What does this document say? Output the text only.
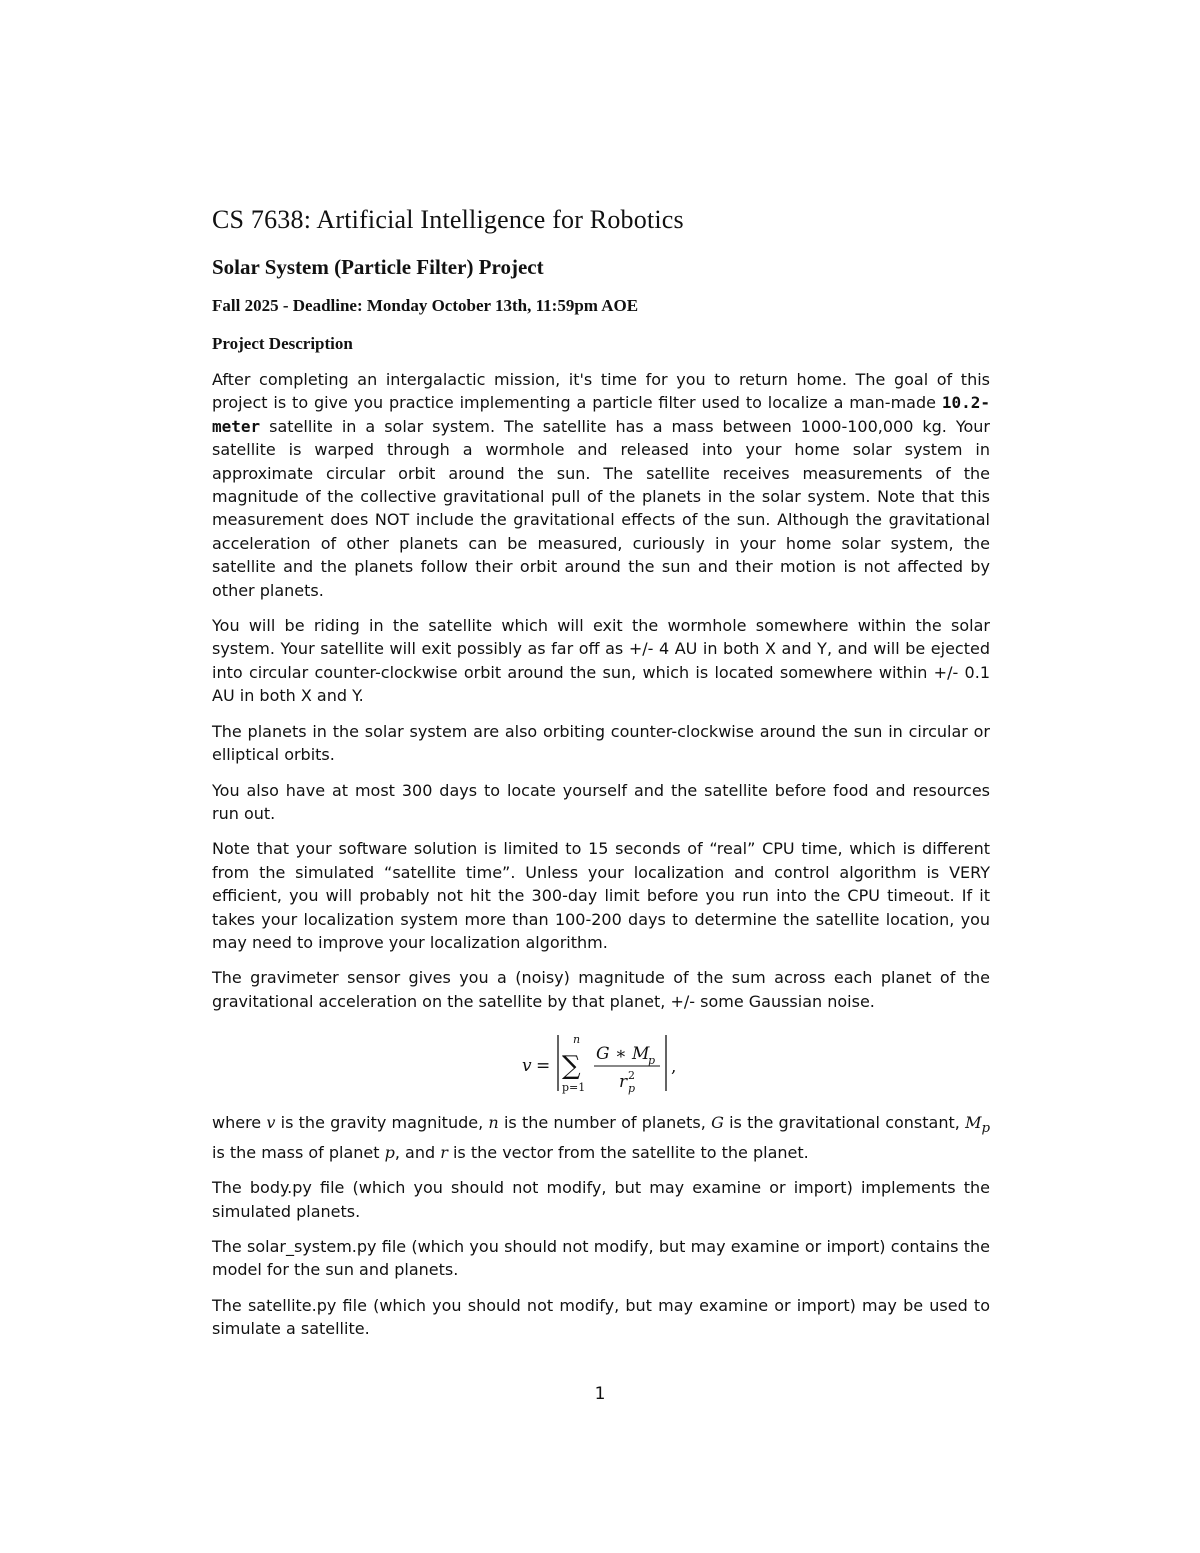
CS 7638: Artificial Intelligence for Robotics
Solar System (Particle Filter) Project
Fall 2025 - Deadline: Monday October 13th, 11:59pm AOE
Project Description

After completing an intergalactic mission, it's time for you to return home. The goal of this project is to give you practice implementing a particle filter used to localize a man-made 10.2-meter satellite in a solar system. The satellite has a mass between 1000-100,000 kg. Your satellite is warped through a wormhole and released into your home solar system in approximate circular orbit around the sun. The satellite receives measurements of the magnitude of the collective gravitational pull of the planets in the solar system. Note that this measurement does NOT include the gravitational effects of the sun. Although the gravitational acceleration of other planets can be measured, curiously in your home solar system, the satellite and the planets follow their orbit around the sun and their motion is not affected by other planets.

You will be riding in the satellite which will exit the wormhole somewhere within the solar system. Your satellite will exit possibly as far off as +/- 4 AU in both X and Y, and will be ejected into circular counter-clockwise orbit around the sun, which is located somewhere within +/- 0.1 AU in both X and Y.

The planets in the solar system are also orbiting counter-clockwise around the sun in circular or elliptical orbits.

You also have at most 300 days to locate yourself and the satellite before food and resources run out.

Note that your software solution is limited to 15 seconds of “real” CPU time, which is different from the simulated “satellite time”. Unless your localization and control algorithm is VERY efficient, you will probably not hit the 300-day limit before you run into the CPU timeout. If it takes your localization system more than 100-200 days to determine the satellite location, you may need to improve your localization algorithm.

The gravimeter sensor gives you a (noisy) magnitude of the sum across each planet of the gravitational acceleration on the satellite by that planet, +/- some Gaussian noise.

v =
n
∑
p=1
G ∗ M
p
r 2
p
,

where v is the gravity magnitude, n is the number of planets, G is the gravitational constant, $M_p$ is the mass of planet p, and r is the vector from the satellite to the planet.

The body.py file (which you should not modify, but may examine or import) implements the simulated planets.

The solar_system.py file (which you should not modify, but may examine or import) contains the model for the sun and planets.

The satellite.py file (which you should not modify, but may examine or import) may be used to simulate a satellite.

1
